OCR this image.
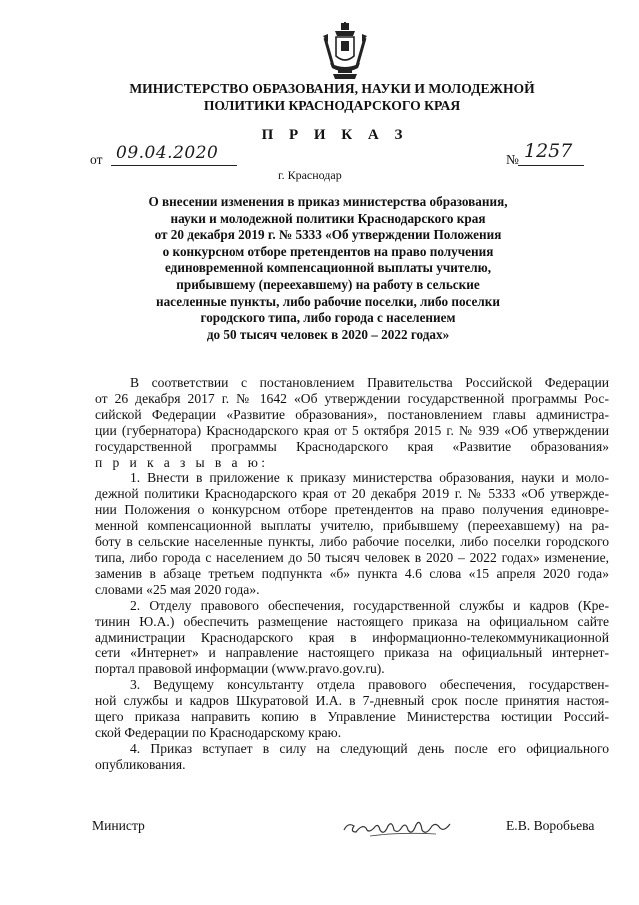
МИНИСТЕРСТВО ОБРАЗОВАНИЯ, НАУКИ И МОЛОДЕЖНОЙ
ПОЛИТИКИ КРАСНОДАРСКОГО КРАЯ
П Р И К А З
от 09.04.2020	№ 1257
г. Краснодар
О внесении изменения в приказ министерства образования,
науки и молодежной политики Краснодарского края
от 20 декабря 2019 г. № 5333 «Об утверждении Положения
о конкурсном отборе претендентов на право получения
единовременной компенсационной выплаты учителю,
прибывшему (переехавшему) на работу в сельские
населенные пункты, либо рабочие поселки, либо поселки
городского типа, либо города с населением
до 50 тысяч человек в 2020 – 2022 годах»
В соответствии с постановлением Правительства Российской Федерации
от 26 декабря 2017 г. № 1642 «Об утверждении государственной программы Рос-
сийской Федерации «Развитие образования», постановлением главы администра-
ции (губернатора) Краснодарского края от 5 октября 2015 г. № 939 «Об утверждении
государственной программы Краснодарского края «Развитие образования»
п р и к а з ы в а ю:
1. Внести в приложение к приказу министерства образования, науки и моло-
дежной политики Краснодарского края от 20 декабря 2019 г. № 5333 «Об утвержде-
нии Положения о конкурсном отборе претендентов на право получения единовре-
менной компенсационной выплаты учителю, прибывшему (переехавшему) на ра-
боту в сельские населенные пункты, либо рабочие поселки, либо поселки городского
типа, либо города с населением до 50 тысяч человек в 2020 – 2022 годах» изменение,
заменив в абзаце третьем подпункта «б» пункта 4.6 слова «15 апреля 2020 года»
словами «25 мая 2020 года».
2. Отделу правового обеспечения, государственной службы и кадров (Кре-
тинин Ю.А.) обеспечить размещение настоящего приказа на официальном сайте
администрации Краснодарского края в информационно-телекоммуникационной
сети «Интернет» и направление настоящего приказа на официальный интернет-
портал правовой информации (www.pravo.gov.ru).
3. Ведущему консультанту отдела правового обеспечения, государствен-
ной службы и кадров Шкуратовой И.А. в 7-дневный срок после принятия настоя-
щего приказа направить копию в Управление Министерства юстиции Россий-
ской Федерации по Краснодарскому краю.
4. Приказ вступает в силу на следующий день после его официального
опубликования.
Министр	Е.В. Воробьева
